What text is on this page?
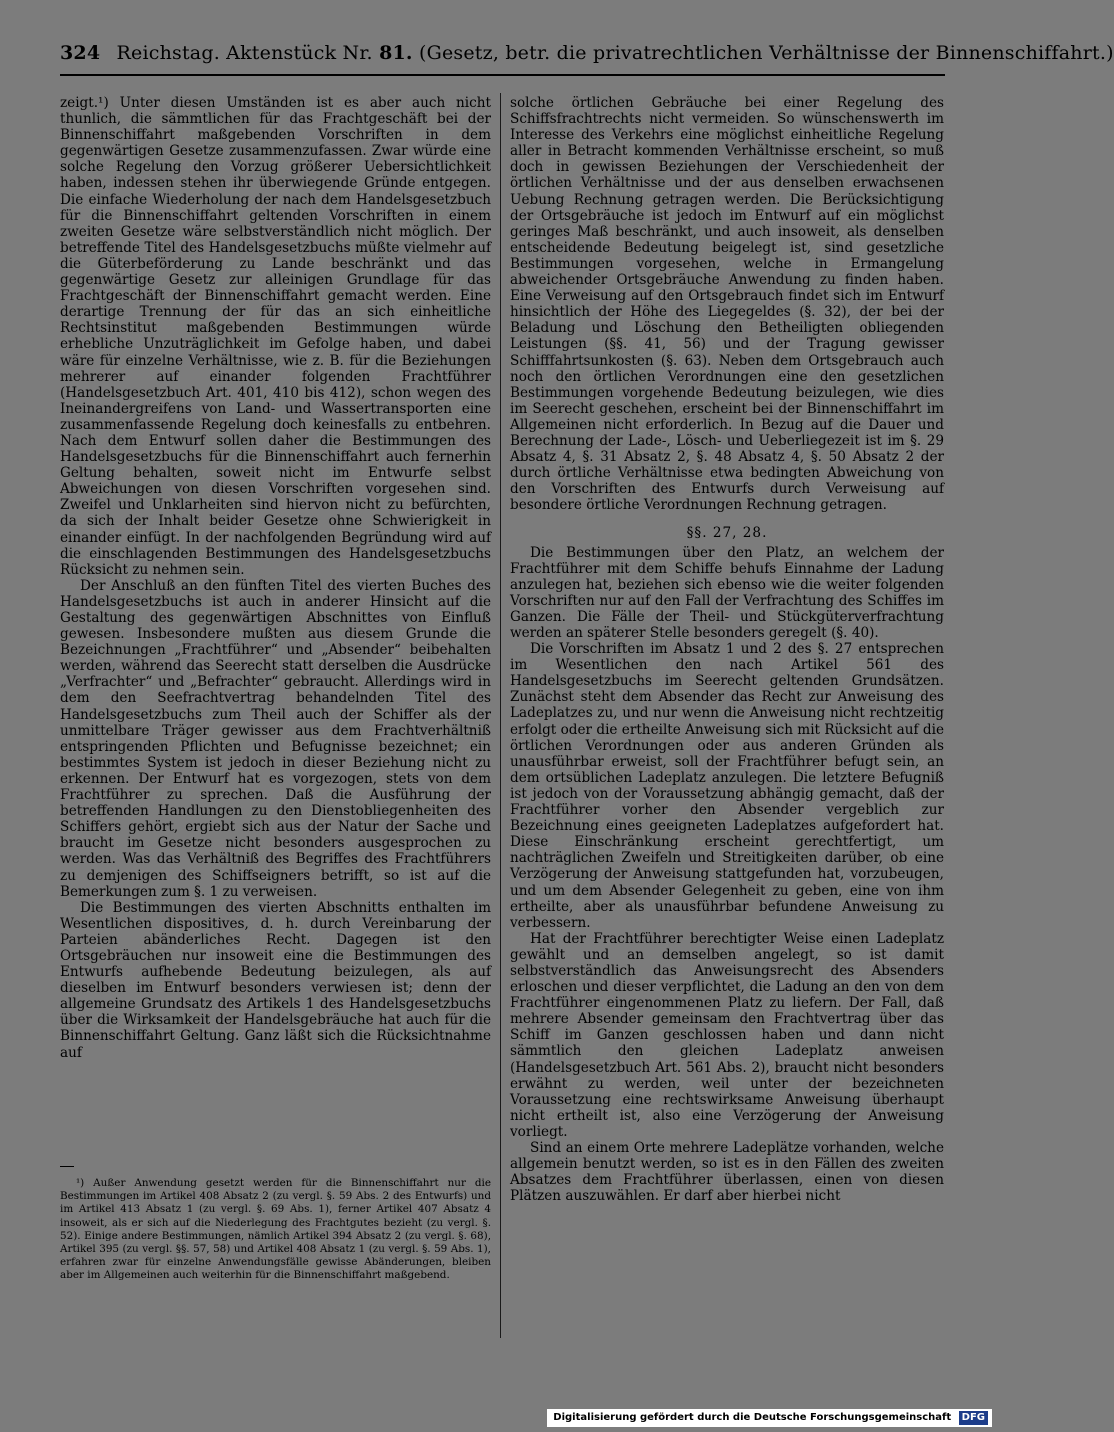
324 Reichstag. Aktenstück Nr. 81. (Gesetz, betr. die privatrechtlichen Verhältnisse der Binnenschiffahrt.)

zeigt.¹) Unter diesen Umständen ist es aber auch nicht thunlich, die sämmtlichen für das Frachtgeschäft bei der Binnenschiffahrt maßgebenden Vorschriften in dem gegenwärtigen Gesetze zusammenzufassen. Zwar würde eine solche Regelung den Vorzug größerer Uebersichtlichkeit haben, indessen stehen ihr überwiegende Gründe entgegen. Die einfache Wiederholung der nach dem Handelsgesetzbuch für die Binnenschiffahrt geltenden Vorschriften in einem zweiten Gesetze wäre selbstverständlich nicht möglich. Der betreffende Titel des Handelsgesetzbuchs müßte vielmehr auf die Güterbeförderung zu Lande beschränkt und das gegenwärtige Gesetz zur alleinigen Grundlage für das Frachtgeschäft der Binnenschiffahrt gemacht werden. Eine derartige Trennung der für das an sich einheitliche Rechtsinstitut maßgebenden Bestimmungen würde erhebliche Unzuträglichkeit im Gefolge haben, und dabei wäre für einzelne Verhältnisse, wie z. B. für die Beziehungen mehrerer auf einander folgenden Frachtführer (Handelsgesetzbuch Art. 401, 410 bis 412), schon wegen des Ineinandergreifens von Land- und Wassertransporten eine zusammenfassende Regelung doch keinesfalls zu entbehren. Nach dem Entwurf sollen daher die Bestimmungen des Handelsgesetzbuchs für die Binnenschiffahrt auch fernerhin Geltung behalten, soweit nicht im Entwurfe selbst Abweichungen von diesen Vorschriften vorgesehen sind. Zweifel und Unklarheiten sind hiervon nicht zu befürchten, da sich der Inhalt beider Gesetze ohne Schwierigkeit in einander einfügt. In der nachfolgenden Begründung wird auf die einschlagenden Bestimmungen des Handelsgesetzbuchs Rücksicht zu nehmen sein.

Der Anschluß an den fünften Titel des vierten Buches des Handelsgesetzbuchs ist auch in anderer Hinsicht auf die Gestaltung des gegenwärtigen Abschnittes von Einfluß gewesen. Insbesondere mußten aus diesem Grunde die Bezeichnungen „Frachtführer“ und „Absender“ beibehalten werden, während das Seerecht statt derselben die Ausdrücke „Verfrachter“ und „Befrachter“ gebraucht. Allerdings wird in dem den Seefrachtvertrag behandelnden Titel des Handelsgesetzbuchs zum Theil auch der Schiffer als der unmittelbare Träger gewisser aus dem Frachtverhältniß entspringenden Pflichten und Befugnisse bezeichnet; ein bestimmtes System ist jedoch in dieser Beziehung nicht zu erkennen. Der Entwurf hat es vorgezogen, stets von dem Frachtführer zu sprechen. Daß die Ausführung der betreffenden Handlungen zu den Dienstobliegenheiten des Schiffers gehört, ergiebt sich aus der Natur der Sache und braucht im Gesetze nicht besonders ausgesprochen zu werden. Was das Verhältniß des Begriffes des Frachtführers zu demjenigen des Schiffseigners betrifft, so ist auf die Bemerkungen zum §. 1 zu verweisen.

Die Bestimmungen des vierten Abschnitts enthalten im Wesentlichen dispositives, d. h. durch Vereinbarung der Parteien abänderliches Recht. Dagegen ist den Ortsgebräuchen nur insoweit eine die Bestimmungen des Entwurfs aufhebende Bedeutung beizulegen, als auf dieselben im Entwurf besonders verwiesen ist; denn der allgemeine Grundsatz des Artikels 1 des Handelsgesetzbuchs über die Wirksamkeit der Handelsgebräuche hat auch für die Binnenschiffahrt Geltung. Ganz läßt sich die Rücksichtnahme auf

¹) Außer Anwendung gesetzt werden für die Binnenschiffahrt nur die Bestimmungen im Artikel 408 Absatz 2 (zu vergl. §. 59 Abs. 2 des Entwurfs) und im Artikel 413 Absatz 1 (zu vergl. §. 69 Abs. 1), ferner Artikel 407 Absatz 4 insoweit, als er sich auf die Niederlegung des Frachtgutes bezieht (zu vergl. §. 52). Einige andere Bestimmungen, nämlich Artikel 394 Absatz 2 (zu vergl. §. 68), Artikel 395 (zu vergl. §§. 57, 58) und Artikel 408 Absatz 1 (zu vergl. §. 59 Abs. 1), erfahren zwar für einzelne Anwendungsfälle gewisse Abänderungen, bleiben aber im Allgemeinen auch weiterhin für die Binnenschiffahrt maßgebend.

solche örtlichen Gebräuche bei einer Regelung des Schiffsfrachtrechts nicht vermeiden. So wünschenswerth im Interesse des Verkehrs eine möglichst einheitliche Regelung aller in Betracht kommenden Verhältnisse erscheint, so muß doch in gewissen Beziehungen der Verschiedenheit der örtlichen Verhältnisse und der aus denselben erwachsenen Uebung Rechnung getragen werden. Die Berücksichtigung der Ortsgebräuche ist jedoch im Entwurf auf ein möglichst geringes Maß beschränkt, und auch insoweit, als denselben entscheidende Bedeutung beigelegt ist, sind gesetzliche Bestimmungen vorgesehen, welche in Ermangelung abweichender Ortsgebräuche Anwendung zu finden haben. Eine Verweisung auf den Ortsgebrauch findet sich im Entwurf hinsichtlich der Höhe des Liegegeldes (§. 32), der bei der Beladung und Löschung den Betheiligten obliegenden Leistungen (§§. 41, 56) und der Tragung gewisser Schifffahrtsunkosten (§. 63). Neben dem Ortsgebrauch auch noch den örtlichen Verordnungen eine den gesetzlichen Bestimmungen vorgehende Bedeutung beizulegen, wie dies im Seerecht geschehen, erscheint bei der Binnenschiffahrt im Allgemeinen nicht erforderlich. In Bezug auf die Dauer und Berechnung der Lade-, Lösch- und Ueberliegezeit ist im §. 29 Absatz 4, §. 31 Absatz 2, §. 48 Absatz 4, §. 50 Absatz 2 der durch örtliche Verhältnisse etwa bedingten Abweichung von den Vorschriften des Entwurfs durch Verweisung auf besondere örtliche Verordnungen Rechnung getragen.

§§. 27, 28.

Die Bestimmungen über den Platz, an welchem der Frachtführer mit dem Schiffe behufs Einnahme der Ladung anzulegen hat, beziehen sich ebenso wie die weiter folgenden Vorschriften nur auf den Fall der Verfrachtung des Schiffes im Ganzen. Die Fälle der Theil- und Stückgüterverfrachtung werden an späterer Stelle besonders geregelt (§. 40).

Die Vorschriften im Absatz 1 und 2 des §. 27 entsprechen im Wesentlichen den nach Artikel 561 des Handelsgesetzbuchs im Seerecht geltenden Grundsätzen. Zunächst steht dem Absender das Recht zur Anweisung des Ladeplatzes zu, und nur wenn die Anweisung nicht rechtzeitig erfolgt oder die ertheilte Anweisung sich mit Rücksicht auf die örtlichen Verordnungen oder aus anderen Gründen als unausführbar erweist, soll der Frachtführer befugt sein, an dem ortsüblichen Ladeplatz anzulegen. Die letztere Befugniß ist jedoch von der Voraussetzung abhängig gemacht, daß der Frachtführer vorher den Absender vergeblich zur Bezeichnung eines geeigneten Ladeplatzes aufgefordert hat. Diese Einschränkung erscheint gerechtfertigt, um nachträglichen Zweifeln und Streitigkeiten darüber, ob eine Verzögerung der Anweisung stattgefunden hat, vorzubeugen, und um dem Absender Gelegenheit zu geben, eine von ihm ertheilte, aber als unausführbar befundene Anweisung zu verbessern.

Hat der Frachtführer berechtigter Weise einen Ladeplatz gewählt und an demselben angelegt, so ist damit selbstverständlich das Anweisungsrecht des Absenders erloschen und dieser verpflichtet, die Ladung an den von dem Frachtführer eingenommenen Platz zu liefern. Der Fall, daß mehrere Absender gemeinsam den Frachtvertrag über das Schiff im Ganzen geschlossen haben und dann nicht sämmtlich den gleichen Ladeplatz anweisen (Handelsgesetzbuch Art. 561 Abs. 2), braucht nicht besonders erwähnt zu werden, weil unter der bezeichneten Voraussetzung eine rechtswirksame Anweisung überhaupt nicht ertheilt ist, also eine Verzögerung der Anweisung vorliegt.

Sind an einem Orte mehrere Ladeplätze vorhanden, welche allgemein benutzt werden, so ist es in den Fällen des zweiten Absatzes dem Frachtführer überlassen, einen von diesen Plätzen auszuwählen. Er darf aber hierbei nicht

Digitalisierung gefördert durch die Deutsche Forschungsgemeinschaft DFG
